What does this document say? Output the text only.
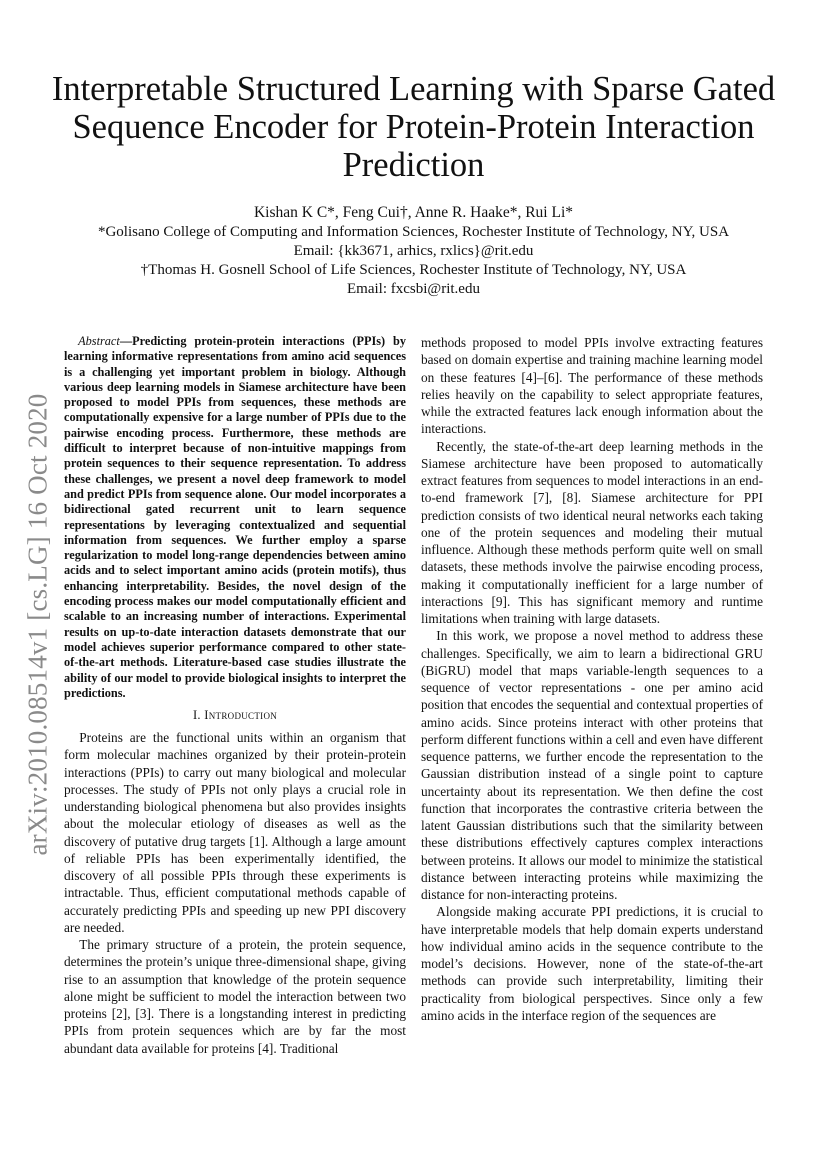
arXiv:2010.08514v1 [cs.LG] 16 Oct 2020
Interpretable Structured Learning with Sparse Gated Sequence Encoder for Protein-Protein Interaction Prediction
Kishan K C*, Feng Cui†, Anne R. Haake*, Rui Li*
*Golisano College of Computing and Information Sciences, Rochester Institute of Technology, NY, USA
Email: {kk3671, arhics, rxlics}@rit.edu
†Thomas H. Gosnell School of Life Sciences, Rochester Institute of Technology, NY, USA
Email: fxcsbi@rit.edu

Abstract—Predicting protein-protein interactions (PPIs) by learning informative representations from amino acid sequences is a challenging yet important problem in biology. Although various deep learning models in Siamese architecture have been proposed to model PPIs from sequences, these methods are computationally expensive for a large number of PPIs due to the pairwise encoding process. Furthermore, these methods are difficult to interpret because of non-intuitive mappings from protein sequences to their sequence representation. To address these challenges, we present a novel deep framework to model and predict PPIs from sequence alone. Our model incorporates a bidirectional gated recurrent unit to learn sequence representations by leveraging contextualized and sequential information from sequences. We further employ a sparse regularization to model long-range dependencies between amino acids and to select important amino acids (protein motifs), thus enhancing interpretability. Besides, the novel design of the encoding process makes our model computationally efficient and scalable to an increasing number of interactions. Experimental results on up-to-date interaction datasets demonstrate that our model achieves superior performance compared to other state-of-the-art methods. Literature-based case studies illustrate the ability of our model to provide biological insights to interpret the predictions.

I. Introduction

Proteins are the functional units within an organism that form molecular machines organized by their protein-protein interactions (PPIs) to carry out many biological and molecular processes. The study of PPIs not only plays a crucial role in understanding biological phenomena but also provides insights about the molecular etiology of diseases as well as the discovery of putative drug targets [1]. Although a large amount of reliable PPIs has been experimentally identified, the discovery of all possible PPIs through these experiments is intractable. Thus, efficient computational methods capable of accurately predicting PPIs and speeding up new PPI discovery are needed.

The primary structure of a protein, the protein sequence, determines the protein’s unique three-dimensional shape, giving rise to an assumption that knowledge of the protein sequence alone might be sufficient to model the interaction between two proteins [2], [3]. There is a longstanding interest in predicting PPIs from protein sequences which are by far the most abundant data available for proteins [4]. Traditional

methods proposed to model PPIs involve extracting features based on domain expertise and training machine learning model on these features [4]–[6]. The performance of these methods relies heavily on the capability to select appropriate features, while the extracted features lack enough information about the interactions.

Recently, the state-of-the-art deep learning methods in the Siamese architecture have been proposed to automatically extract features from sequences to model interactions in an end-to-end framework [7], [8]. Siamese architecture for PPI prediction consists of two identical neural networks each taking one of the protein sequences and modeling their mutual influence. Although these methods perform quite well on small datasets, these methods involve the pairwise encoding process, making it computationally inefficient for a large number of interactions [9]. This has significant memory and runtime limitations when training with large datasets.

In this work, we propose a novel method to address these challenges. Specifically, we aim to learn a bidirectional GRU (BiGRU) model that maps variable-length sequences to a sequence of vector representations - one per amino acid position that encodes the sequential and contextual properties of amino acids. Since proteins interact with other proteins that perform different functions within a cell and even have different sequence patterns, we further encode the representation to the Gaussian distribution instead of a single point to capture uncertainty about its representation. We then define the cost function that incorporates the contrastive criteria between the latent Gaussian distributions such that the similarity between these distributions effectively captures complex interactions between proteins. It allows our model to minimize the statistical distance between interacting proteins while maximizing the distance for non-interacting proteins.

Alongside making accurate PPI predictions, it is crucial to have interpretable models that help domain experts understand how individual amino acids in the sequence contribute to the model’s decisions. However, none of the state-of-the-art methods can provide such interpretability, limiting their practicality from biological perspectives. Since only a few amino acids in the interface region of the sequences are
